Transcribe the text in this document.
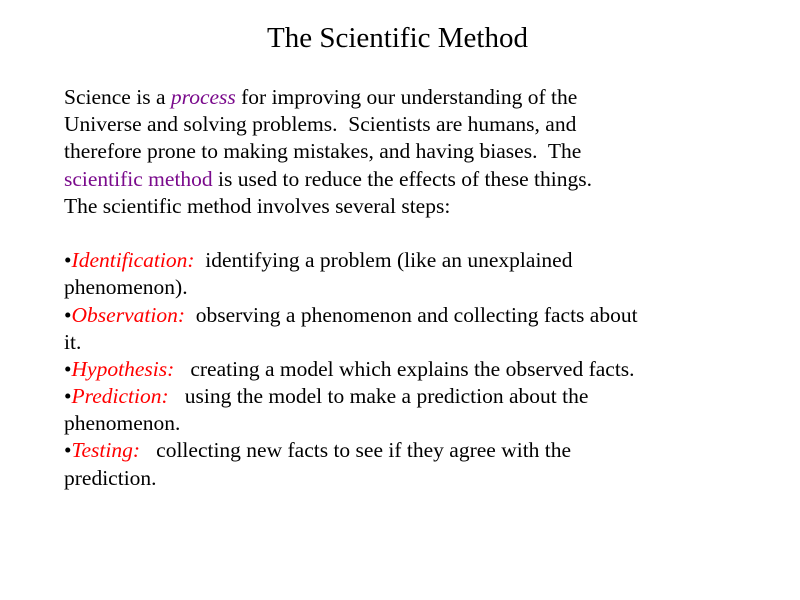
The Scientific Method
Science is a process for improving our understanding of the
Universe and solving problems.  Scientists are humans, and
therefore prone to making mistakes, and having biases.  The
scientific method is used to reduce the effects of these things.
The scientific method involves several steps:
•Identification:  identifying a problem (like an unexplained
phenomenon).
•Observation:  observing a phenomenon and collecting facts about
it.
•Hypothesis:   creating a model which explains the observed facts.
•Prediction:   using the model to make a prediction about the
phenomenon.
•Testing:   collecting new facts to see if they agree with the
prediction.
